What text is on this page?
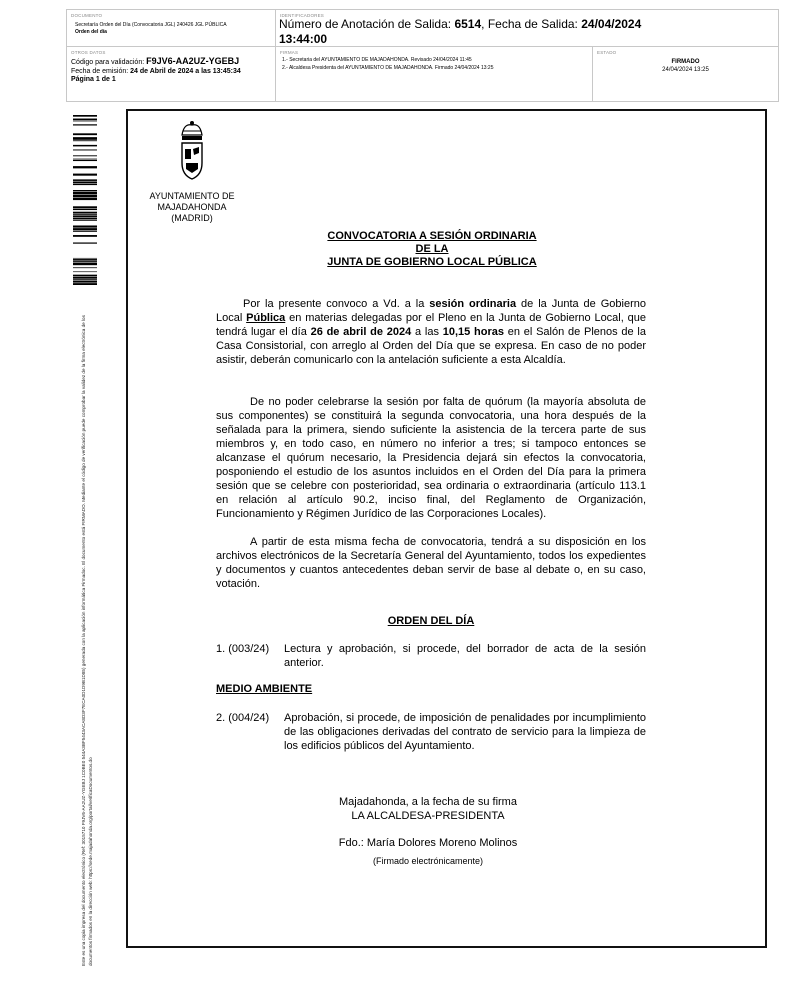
DOCUMENTO
Secretaría Orden del Día (Convocatoria JGL) 240426 JGL PÚBLICA
Orden del día
IDENTIFICADORES
Número de Anotación de Salida: 6514, Fecha de Salida: 24/04/2024
13:44:00
OTROS DATOS
Código para validación: F9JV6-AA2UZ-YGEBJ
Fecha de emisión: 24 de Abril de 2024 a las 13:45:34
Página 1 de 1
FIRMAS
1.- Secretaria del AYUNTAMIENTO DE MAJADAHONDA. Revisado 24/04/2024 11:45
2.- Alcaldesa Presidenta del AYUNTAMIENTO DE MAJADAHONDA. Firmado 24/04/2024 13:25
ESTADO
FIRMADO
24/04/2024 13:25
Este es una copia impresa del documento electrónico (Ref: 3015710 F9JV6-AA2UZ-YGEBJ 1C0BE0 544A3BF5443ACA8D3F7ECA0D1D9B1D85) generada con la aplicación informática Firmadoc. El documento está FIRMADO. Mediante el código de verificación puede comprobar la validez de la firma electrónica de los documentos firmados en la dirección web: https://sede.majadahonda.org/portal/verificaDocumentos.do
AYUNTAMIENTO DE
MAJADAHONDA
(MADRID)
CONVOCATORIA A SESIÓN ORDINARIA
DE LA
JUNTA DE GOBIERNO LOCAL PÚBLICA
Por la presente convoco a Vd. a la sesión ordinaria de la Junta de Gobierno Local Pública en materias delegadas por el Pleno en la Junta de Gobierno Local, que tendrá lugar el día 26 de abril de 2024 a las 10,15 horas en el Salón de Plenos de la Casa Consistorial, con arreglo al Orden del Día que se expresa. En caso de no poder asistir, deberán comunicarlo con la antelación suficiente a esta Alcaldía.
De no poder celebrarse la sesión por falta de quórum (la mayoría absoluta de sus componentes) se constituirá la segunda convocatoria, una hora después de la señalada para la primera, siendo suficiente la asistencia de la tercera parte de sus miembros y, en todo caso, en número no inferior a tres; si tampoco entonces se alcanzase el quórum necesario, la Presidencia dejará sin efectos la convocatoria, posponiendo el estudio de los asuntos incluidos en el Orden del Día para la primera sesión que se celebre con posterioridad, sea ordinaria o extraordinaria (artículo 113.1 en relación al artículo 90.2, inciso final, del Reglamento de Organización, Funcionamiento y Régimen Jurídico de las Corporaciones Locales).
A partir de esta misma fecha de convocatoria, tendrá a su disposición en los archivos electrónicos de la Secretaría General del Ayuntamiento, todos los expedientes y documentos y cuantos antecedentes deban servir de base al debate o, en su caso, votación.
ORDEN DEL DÍA
1. (003/24)	Lectura y aprobación, si procede, del borrador de acta de la sesión anterior.
MEDIO AMBIENTE
2. (004/24)	Aprobación, si procede, de imposición de penalidades por incumplimiento de las obligaciones derivadas del contrato de servicio para la limpieza de los edificios públicos del Ayuntamiento.
Majadahonda, a la fecha de su firma
LA ALCALDESA-PRESIDENTA
Fdo.: María Dolores Moreno Molinos
(Firmado electrónicamente)
